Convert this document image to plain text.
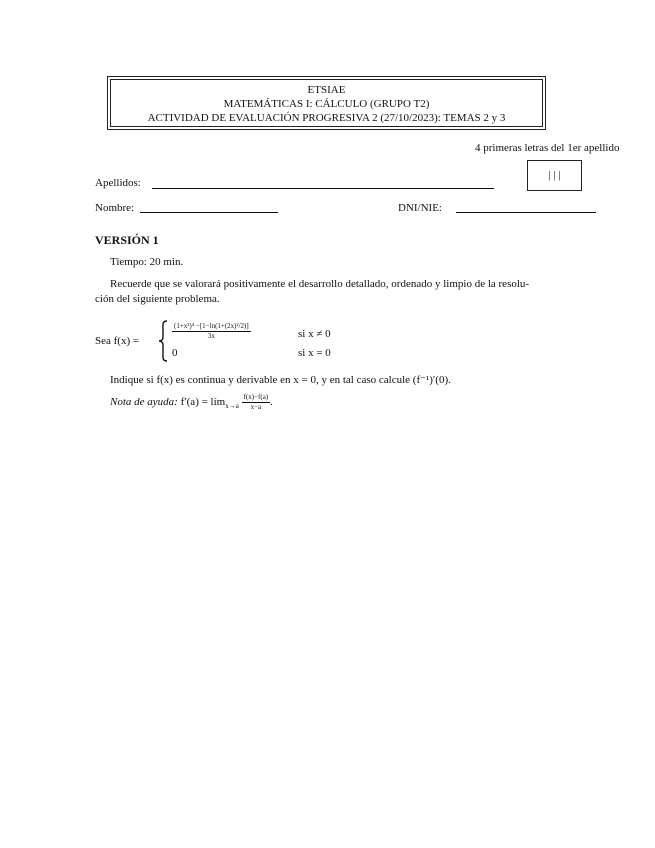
ETSIAE
MATEMÁTICAS I: CÁLCULO (GRUPO T2)
ACTIVIDAD DE EVALUACIÓN PROGRESIVA 2 (27/10/2023): TEMAS 2 y 3
4 primeras letras del 1er apellido
| | |
Apellidos:
Nombre:	DNI/NIE:
VERSIÓN 1
Tiempo: 20 min.
Recuerde que se valorará positivamente el desarrollo detallado, ordenado y limpio de la resolu-
ción del siguiente problema.
Sea f(x) =	$\frac{\text{(1+x²)⁴ −[1−ln(1+(2x)²/2)]}}{3x}$	si x ≠ 0
0	si x = 0
Indique si f(x) es continua y derivable en x = 0, y en tal caso calcule (f⁻¹)′(0).
Nota de ayuda: f′(a) = lím$_{x\to a}$ $\frac{f(x)-f(a)}{x-a}$ .
